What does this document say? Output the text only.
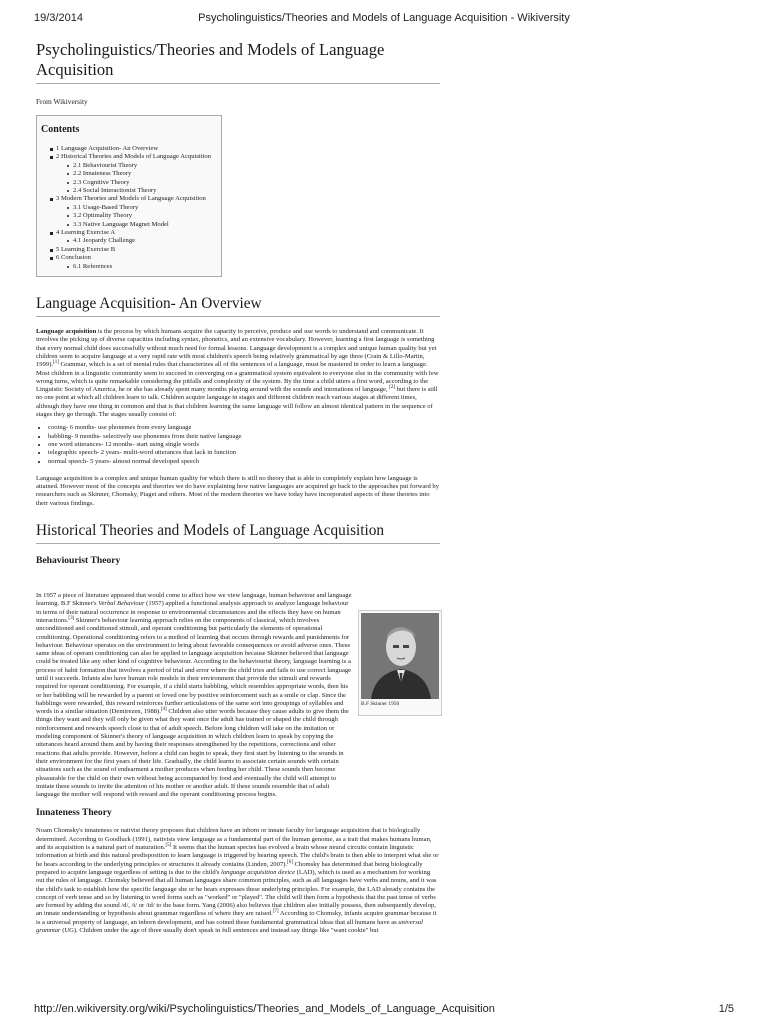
19/3/2014	Psycholinguistics/Theories and Models of Language Acquisition - Wikiversity
Psycholinguistics/Theories and Models of Language Acquisition
From Wikiversity
Contents
1 Language Acquisition- An Overview
2 Historical Theories and Models of Language Acquisition
2.1 Behaviourist Theory
2.2 Innateness Theory
2.3 Cognitive Theory
2.4 Social Interactionist Theory
3 Modern Theories and Models of Language Acquisition
3.1 Usage-Based Theory
3.2 Optimality Theory
3.3 Native Language Magnet Model
4 Learning Exercise A
4.1 Jeopardy Challenge
5 Learning Exercise B
6 Conclusion
6.1 References
Language Acquisition- An Overview

Language acquisition is the process by which humans acquire the capacity to perceive, produce and use words to understand and communicate. It involves the picking up of diverse capacities including syntax, phonetics, and an extensive vocabulary. However, learning a first language is something that every normal child does successfully without much need for formal lessons. Language development is a complex and unique human quality but yet children seem to acquire language at a very rapid rate with most children's speech being relatively grammatical by age three (Crain & Lillo-Martin, 1999).[1] Grammar, which is a set of mental rules that characterizes all of the sentences of a language, must be mastered in order to learn a language. Most children in a linguistic community seem to succeed in converging on a grammatical system equivalent to everyone else in the community with few wrong turns, which is quite remarkable considering the pitfalls and complexity of the system. By the time a child utters a first word, according to the Linguistic Society of America, he or she has already spent many months playing around with the sounds and intonations of language, [2] but there is still no one point at which all children learn to talk. Children acquire language in stages and different children reach various stages at different times, although they have one thing in common and that is that children learning the same language will follow an almost identical pattern in the sequence of stages they go through. The stages usually consist of:

• cooing- 6 months- use phonemes from every language
• babbling- 9 months- selectively use phonemes from their native language
• one word utterances- 12 months- start using single words
• telegraphic speech- 2 years- multi-word utterances that lack in function
• normal speech- 5 years- almost normal developed speech

Language acquisition is a complex and unique human quality for which there is still no theory that is able to completely explain how language is attained. However most of the concepts and theories we do have explaining how native languages are acquired go back to the approaches put forward by researchers such as Skinner, Chomsky, Piaget and others. Most of the modern theories we have today have incorporated aspects of these theories into their various findings.

Historical Theories and Models of Language Acquisition
Behaviourist Theory

In 1957 a piece of literature appeared that would come to affect how we view language, human behaviour and language learning. B.F Skinner's Verbal Behaviour (1957) applied a functional analysis approach to analyze language behaviour in terms of their natural occurrence in response to environmental circumstances and the effects they have on human interactions.[3] Skinner's behaviour learning approach relies on the components of classical, which involves unconditioned and conditioned stimuli, and operant conditioning but particularly the elements of operational conditioning. Operational conditioning refers to a method of learning that occurs through rewards and punishments for behaviour. Behaviour operates on the environment to bring about favorable consequences or avoid adverse ones. These same ideas of operant conditioning can also be applied to language acquisition because Skinner believed that language could be treated like any other kind of cognitive behaviour. According to the behaviourist theory, language learning is a process of habit formation that involves a period of trial and error where the child tries and fails to use correct language until it succeeds. Infants also have human role models in their environment that provide the stimuli and rewards required for operant conditioning. For example, if a child starts babbling, which resembles appropriate words, then his or her babbling will be rewarded by a parent or loved one by positive reinforcement such as a smile or clap. Since the babblings were rewarded, this reward reinforces further articulations of the same sort into groupings of syllables and words in a similar situation (Demirezen, 1988).[4] Children also utter words because they cause adults to give them the things they want and they will only be given what they want once the adult has trained or shaped the child through reinforcement and rewards speech close to that of adult speech. Before long children will take on the imitation or modeling component of Skinner's theory of language acquisition in which children learn to speak by copying the utterances heard around them and by having their responses strengthened by the repetitions, corrections and other reactions that adults provide. However, before a child can begin to speak, they first start by listening to the sounds in their environment for the first years of their life. Gradually, the child learns to associate certain sounds with certain situations such as the sound of endearment a mother produces when feeding her child. These sounds then become pleasurable for the child on their own without being accompanied by food and eventually the child will attempt to imitate these sounds to invite the attention of his mother or another adult. If these sounds resemble that of adult language the mother will respond with reward and the operant conditioning process begins.

Innateness Theory

Noam Chomsky's innateness or nativist theory proposes that children have an inborn or innate faculty for language acquisition that is biologically determined. According to Goodluck (1991), nativists view language as a fundamental part of the human genome, as a trait that makes humans human, and its acquisition is a natural part of maturation.[5] It seems that the human species has evolved a brain whose neural circuits contain linguistic information at birth and this natural predisposition to learn language is triggered by hearing speech. The child's brain is then able to interpret what she or he hears according to the underlying principles or structures it already contains (Linden, 2007).[6] Chomsky has determined that being biologically prepared to acquire language regardless of setting is due to the child's language acquisition device (LAD), which is used as a mechanism for working out the rules of language. Chomsky believed that all human languages share common principles, such as all languages have verbs and nouns, and it was the child's task to establish how the specific language she or he hears expresses these underlying principles. For example, the LAD already contains the concept of verb tense and so by listening to word forms such as "worked" or "played". The child will then form a hypothesis that the past tense of verbs are formed by adding the sound /d/, /t/ or /id/ to the base form. Yang (2006) also believes that children also initially possess, then subsequently develop, an innate understanding or hypothesis about grammar regardless of where they are raised.[7] According to Chomsky, infants acquire grammar because it is a universal property of language, an inborn development, and has coined these fundamental grammatical ideas that all humans have as universal grammar (UG). Children under the age of three usually don't speak in full sentences and instead say things like "want cookie" but

B.F Skinner 1950
http://en.wikiversity.org/wiki/Psycholinguistics/Theories_and_Models_of_Language_Acquisition	1/5
